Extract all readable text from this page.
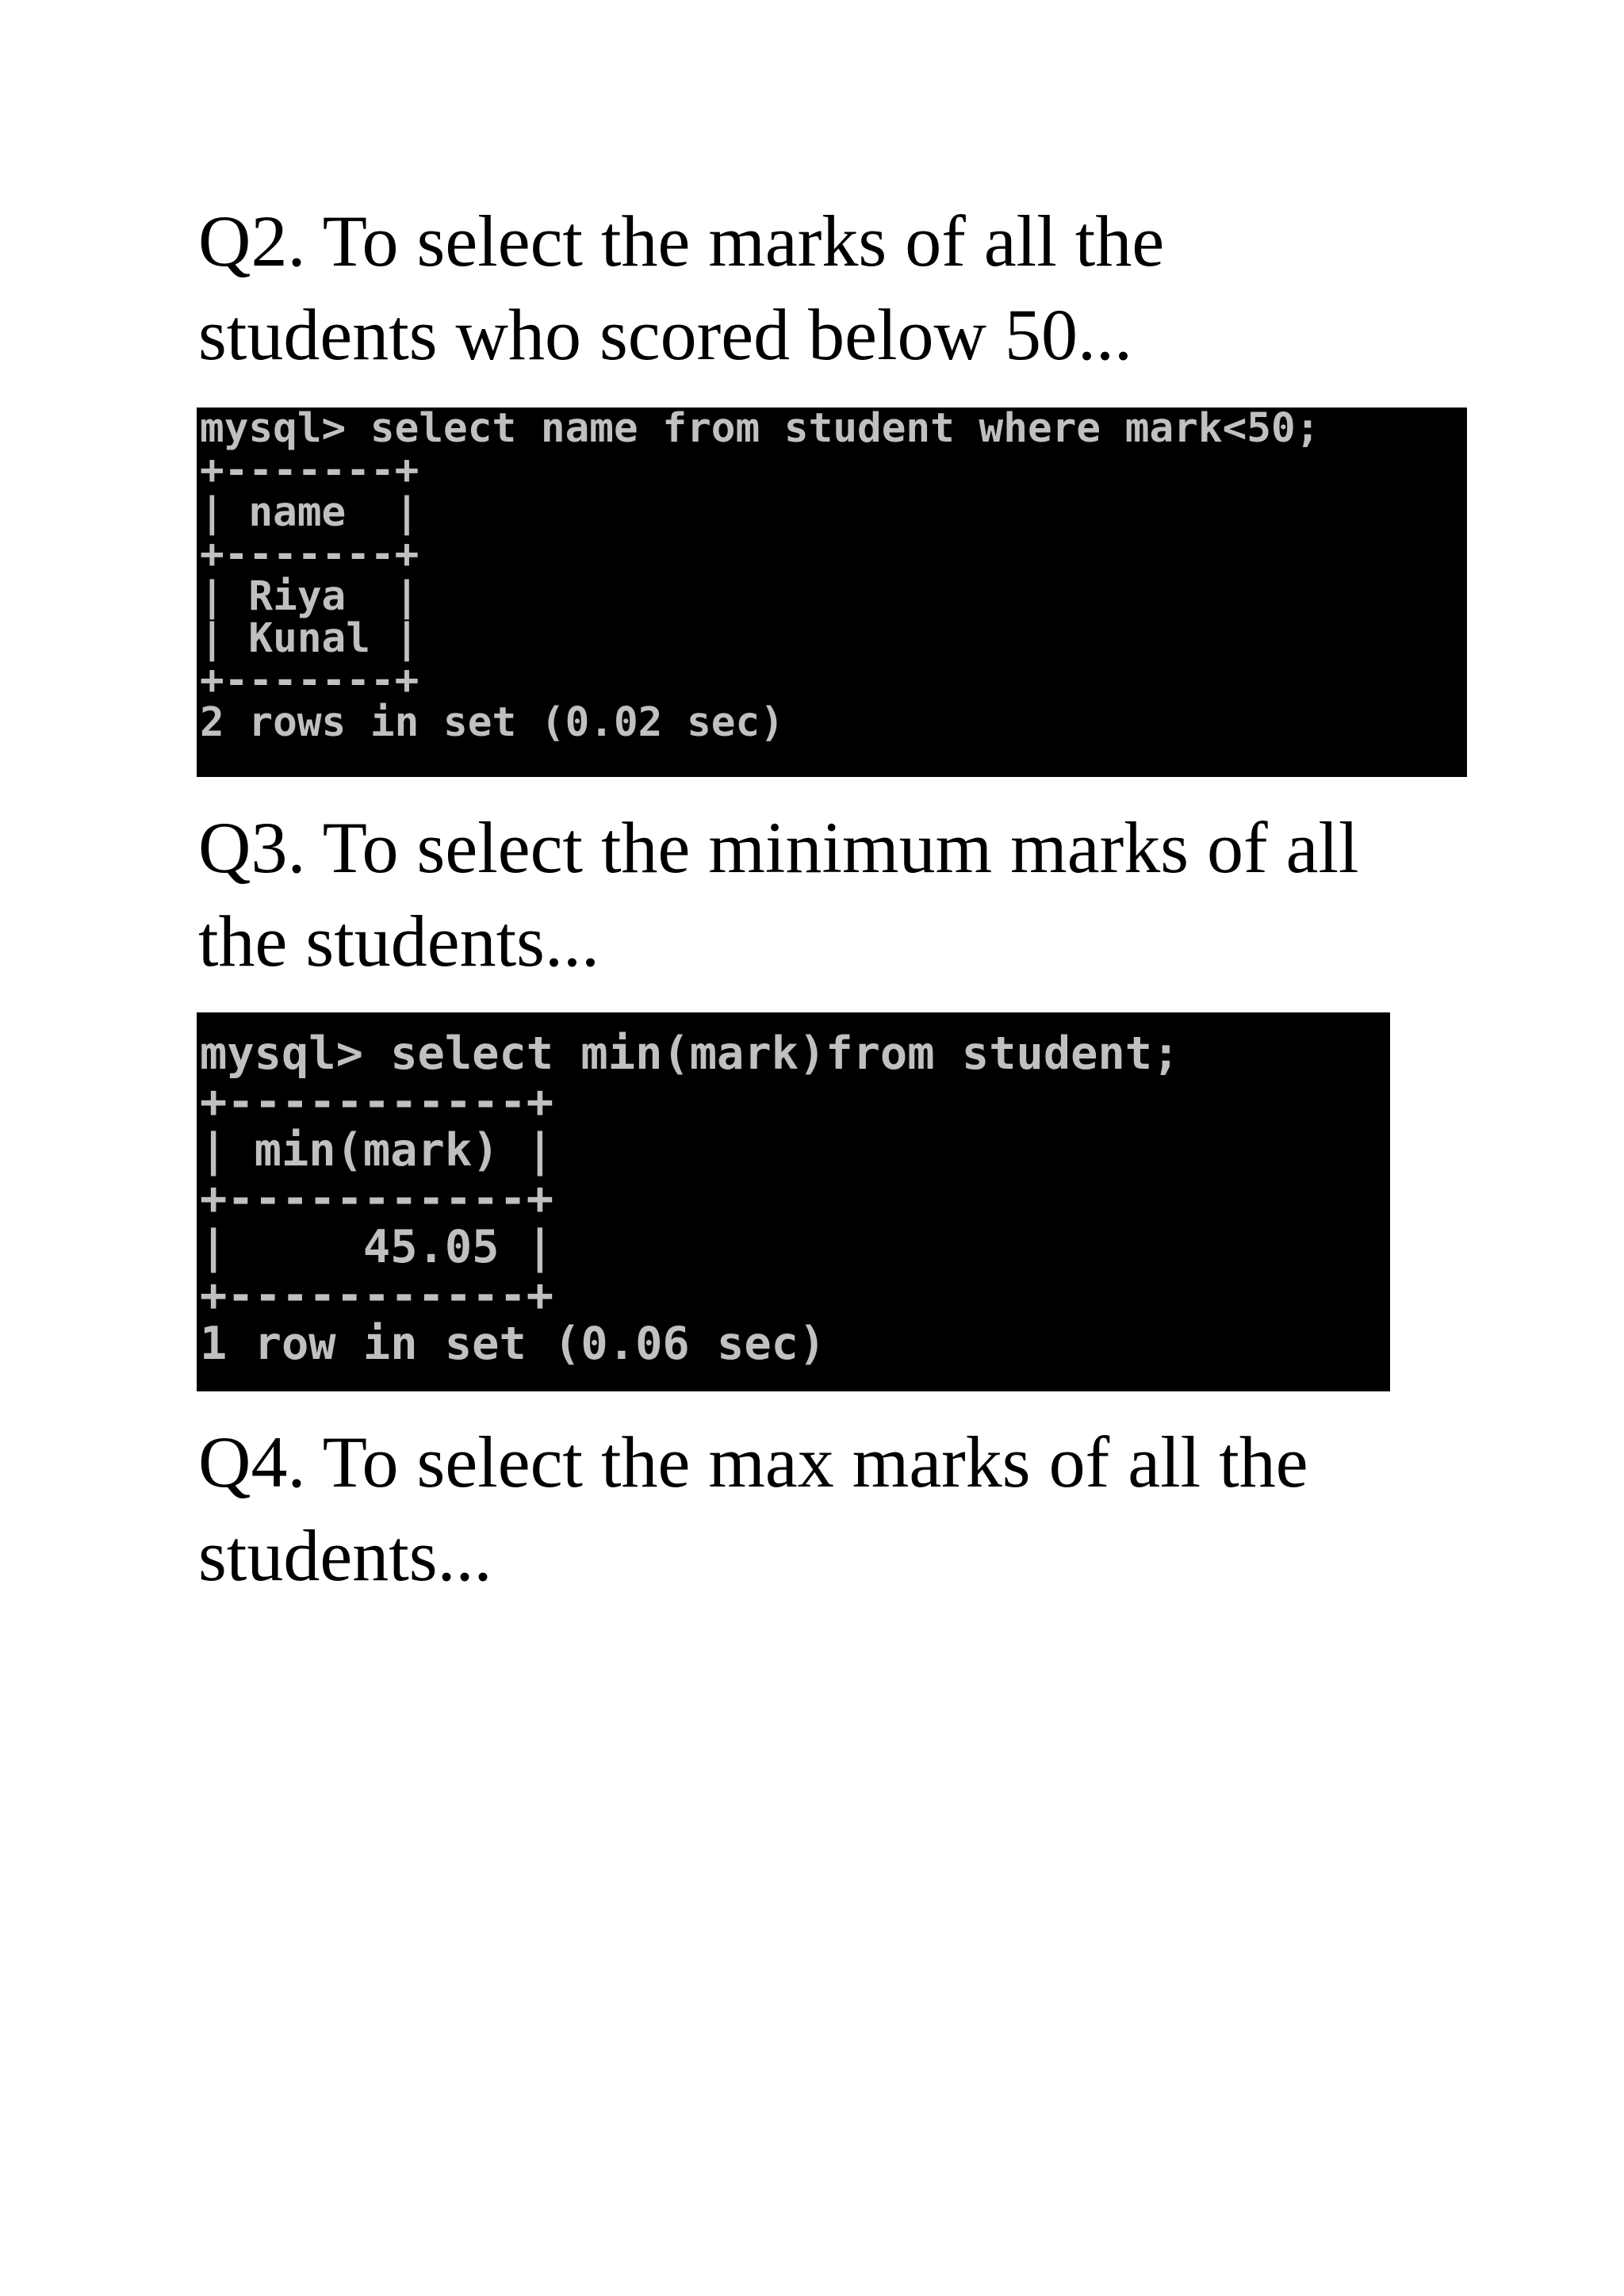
Q2. To select the marks of all the
students who scored below 50...
mysql> select name from student where mark<50;
+-------+
| name  |
+-------+
| Riya  |
| Kunal |
+-------+
2 rows in set (0.02 sec)
Q3. To select the minimum marks of all
the students...
mysql> select min(mark)from student;
+-----------+
| min(mark) |
+-----------+
|     45.05 |
+-----------+
1 row in set (0.06 sec)
Q4. To select the max marks of all the
students...
